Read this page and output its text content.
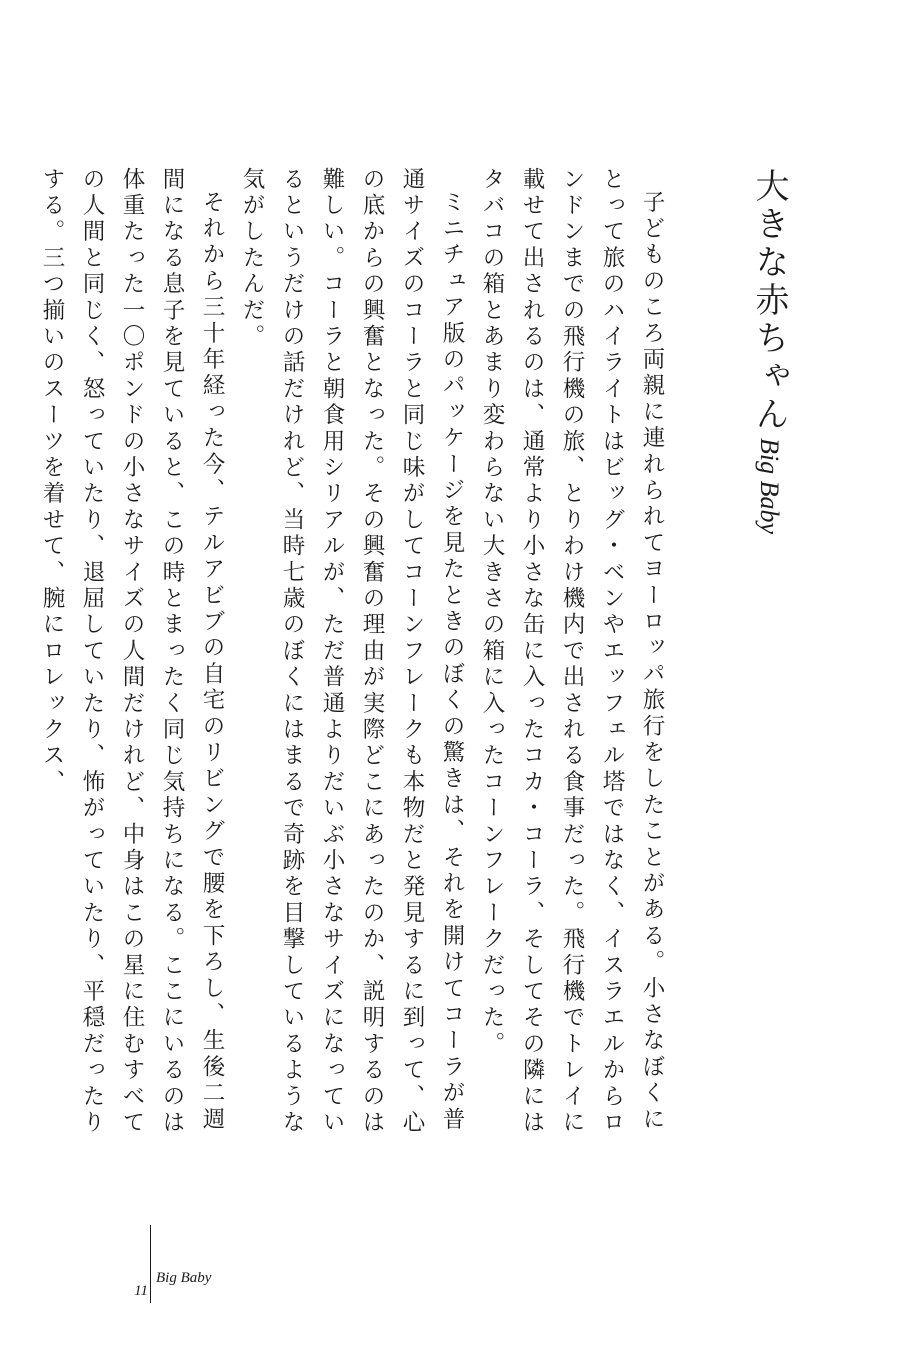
大きな赤ちゃん
Big Baby

子どものころ両親に連れられてヨーロッパ旅行をしたことがある。小さなぼくにとって旅のハイライトはビッグ・ベンやエッフェル塔ではなく、イスラエルからロンドンまでの飛行機の旅、とりわけ機内で出される食事だった。飛行機でトレイに載せて出されるのは、通常より小さな缶に入ったコカ・コーラ、そしてその隣にはタバコの箱とあまり変わらない大きさの箱に入ったコーンフレークだった。

ミニチュア版のパッケージを見たときのぼくの驚きは、それを開けてコーラが普通サイズのコーラと同じ味がしてコーンフレークも本物だと発見するに到って、心の底からの興奮となった。その興奮の理由が実際どこにあったのか、説明するのは難しい。コーラと朝食用シリアルが、ただ普通よりだいぶ小さなサイズになっているというだけの話だけれど、当時七歳のぼくにはまるで奇跡を目撃しているような気がしたんだ。

それから三十年経った今、テルアビブの自宅のリビングで腰を下ろし、生後二週間になる息子を見ていると、この時とまったく同じ気持ちになる。ここにいるのは体重たった一〇ポンドの小さなサイズの人間だけれど、中身はこの星に住むすべての人間と同じく、怒っていたり、退屈していたり、怖がっていたり、平穏だったりする。三つ揃いのスーツを着せて、腕にロレックス、

11
Big Baby
